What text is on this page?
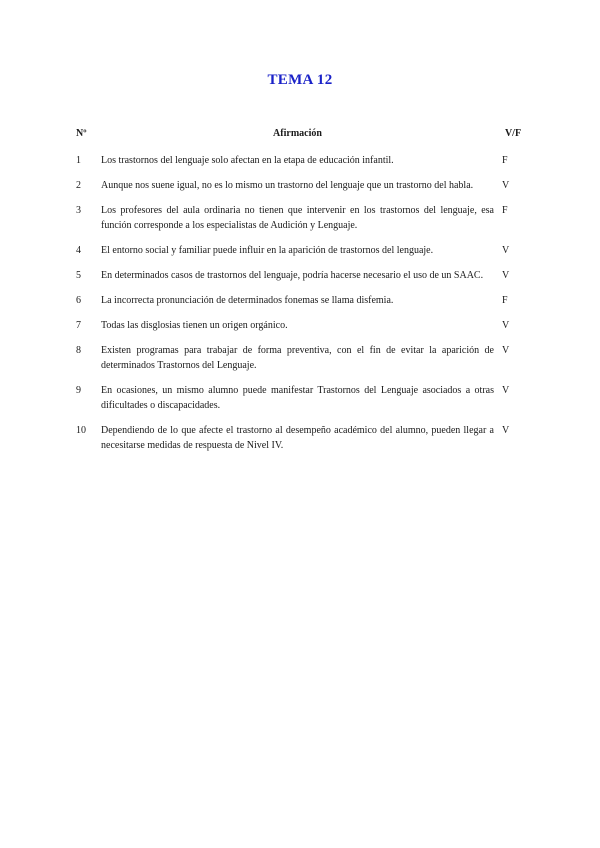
TEMA 12
Nº	Afirmación	V/F
1	Los trastornos del lenguaje solo afectan en la etapa de educación infantil.	F
2	Aunque nos suene igual, no es lo mismo un trastorno del lenguaje que un trastorno del habla.	V
3	Los profesores del aula ordinaria no tienen que intervenir en los trastornos del lenguaje, esa función corresponde a los especialistas de Audición y Lenguaje.	F
4	El entorno social y familiar puede influir en la aparición de trastornos del lenguaje.	V
5	En determinados casos de trastornos del lenguaje, podría hacerse necesario el uso de un SAAC.	V
6	La incorrecta pronunciación de determinados fonemas se llama disfemia.	F
7	Todas las disglosias tienen un origen orgánico.	V
8	Existen programas para trabajar de forma preventiva, con el fin de evitar la aparición de determinados Trastornos del Lenguaje.	V
9	En ocasiones, un mismo alumno puede manifestar Trastornos del Lenguaje asociados a otras dificultades o discapacidades.	V
10	Dependiendo de lo que afecte el trastorno al desempeño académico del alumno, pueden llegar a necesitarse medidas de respuesta de Nivel IV.	V
